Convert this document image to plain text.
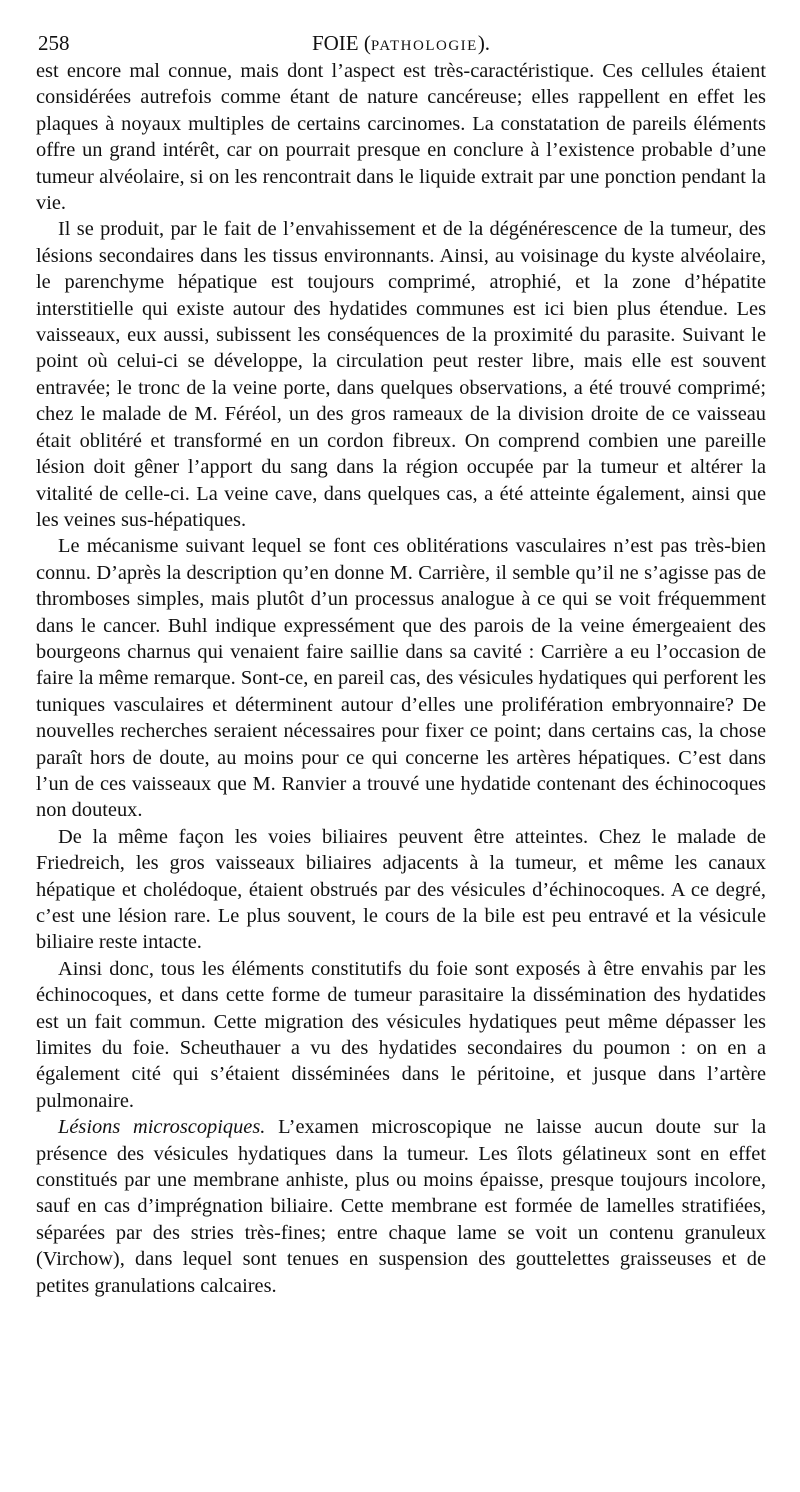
258	FOIE (PATHOLOGIE).

est encore mal connue, mais dont l’aspect est très-caractéristique. Ces cellules étaient considérées autrefois comme étant de nature cancéreuse; elles rappellent en effet les plaques à noyaux multiples de certains carcinomes. La constatation de pareils éléments offre un grand intérêt, car on pourrait presque en conclure à l’existence probable d’une tumeur alvéolaire, si on les rencontrait dans le liquide extrait par une ponction pendant la vie.

Il se produit, par le fait de l’envahissement et de la dégénérescence de la tumeur, des lésions secondaires dans les tissus environnants. Ainsi, au voisinage du kyste alvéolaire, le parenchyme hépatique est toujours comprimé, atrophié, et la zone d’hépatite interstitielle qui existe autour des hydatides communes est ici bien plus étendue. Les vaisseaux, eux aussi, subissent les conséquences de la proximité du parasite. Suivant le point où celui-ci se développe, la circulation peut rester libre, mais elle est souvent entravée; le tronc de la veine porte, dans quelques observations, a été trouvé comprimé; chez le malade de M. Féréol, un des gros rameaux de la division droite de ce vaisseau était oblitéré et transformé en un cordon fibreux. On comprend combien une pareille lésion doit gêner l’apport du sang dans la région occupée par la tumeur et altérer la vitalité de celle-ci. La veine cave, dans quelques cas, a été atteinte également, ainsi que les veines sus-hépatiques.

Le mécanisme suivant lequel se font ces oblitérations vasculaires n’est pas très-bien connu. D’après la description qu’en donne M. Carrière, il semble qu’il ne s’agisse pas de thromboses simples, mais plutôt d’un processus analogue à ce qui se voit fréquemment dans le cancer. Buhl indique expressément que des parois de la veine émergeaient des bourgeons charnus qui venaient faire saillie dans sa cavité : Carrière a eu l’occasion de faire la même remarque. Sont-ce, en pareil cas, des vésicules hydatiques qui perforent les tuniques vasculaires et déterminent autour d’elles une prolifération embryonnaire? De nouvelles recherches seraient nécessaires pour fixer ce point; dans certains cas, la chose paraît hors de doute, au moins pour ce qui concerne les artères hépatiques. C’est dans l’un de ces vaisseaux que M. Ranvier a trouvé une hydatide contenant des échinocoques non douteux.

De la même façon les voies biliaires peuvent être atteintes. Chez le malade de Friedreich, les gros vaisseaux biliaires adjacents à la tumeur, et même les canaux hépatique et cholédoque, étaient obstrués par des vésicules d’échinocoques. A ce degré, c’est une lésion rare. Le plus souvent, le cours de la bile est peu entravé et la vésicule biliaire reste intacte.

Ainsi donc, tous les éléments constitutifs du foie sont exposés à être envahis par les échinocoques, et dans cette forme de tumeur parasitaire la dissémination des hydatides est un fait commun. Cette migration des vésicules hydatiques peut même dépasser les limites du foie. Scheuthauer a vu des hydatides secondaires du poumon : on en a également cité qui s’étaient disséminées dans le péritoine, et jusque dans l’artère pulmonaire.

Lésions microscopiques. L’examen microscopique ne laisse aucun doute sur la présence des vésicules hydatiques dans la tumeur. Les îlots gélatineux sont en effet constitués par une membrane anhiste, plus ou moins épaisse, presque toujours incolore, sauf en cas d’imprégnation biliaire. Cette membrane est formée de lamelles stratifiées, séparées par des stries très-fines; entre chaque lame se voit un contenu granuleux (Virchow), dans lequel sont tenues en suspension des gouttelettes graisseuses et de petites granulations calcaires.
